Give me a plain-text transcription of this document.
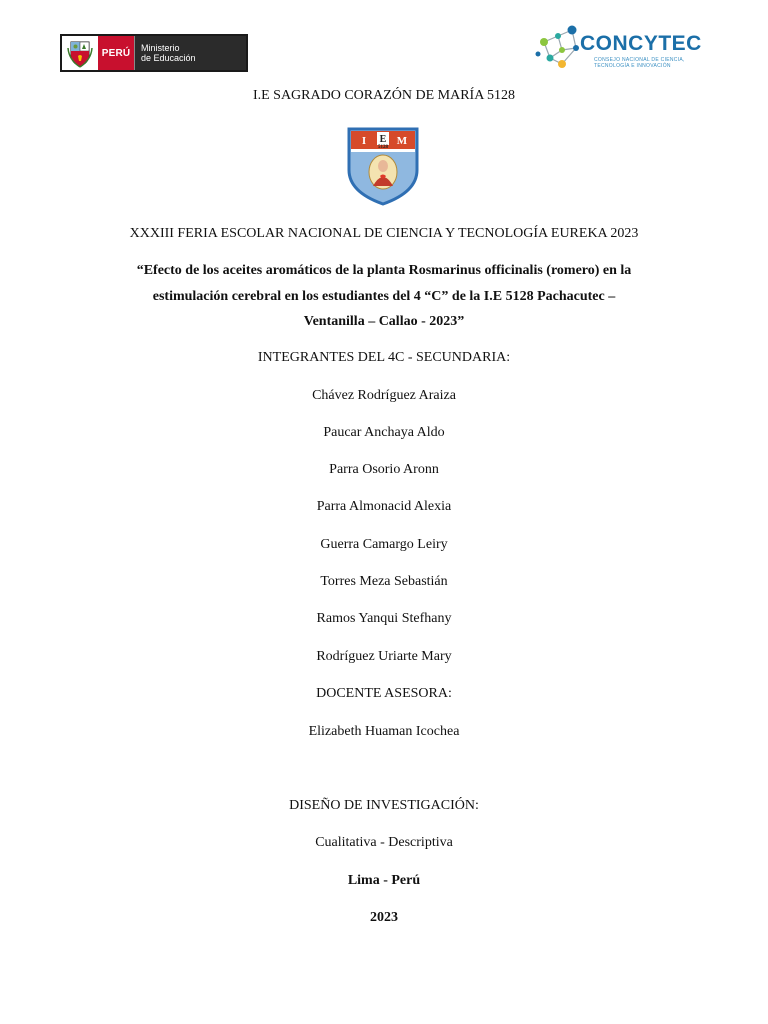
PERÚ	Ministerio
de Educación
CONCYTEC
CONSEJO NACIONAL DE CIENCIA, TECNOLOGÍA E INNOVACIÓN
I.E SAGRADO CORAZÓN DE MARÍA 5128
I E M
5128
XXXIII FERIA ESCOLAR NACIONAL DE CIENCIA Y TECNOLOGÍA EUREKA 2023
“Efecto de los aceites aromáticos de la planta Rosmarinus officinalis (romero) en la
estimulación cerebral en los estudiantes del 4 “C” de la I.E 5128 Pachacutec –
Ventanilla – Callao - 2023”
INTEGRANTES DEL 4C - SECUNDARIA:
Chávez Rodríguez Araiza
Paucar Anchaya Aldo
Parra Osorio Aronn
Parra Almonacid Alexia
Guerra Camargo Leiry
Torres Meza Sebastián
Ramos Yanqui Stefhany
Rodríguez Uriarte Mary
DOCENTE ASESORA:
Elizabeth Huaman Icochea
DISEÑO DE INVESTIGACIÓN:
Cualitativa - Descriptiva
Lima - Perú
2023
